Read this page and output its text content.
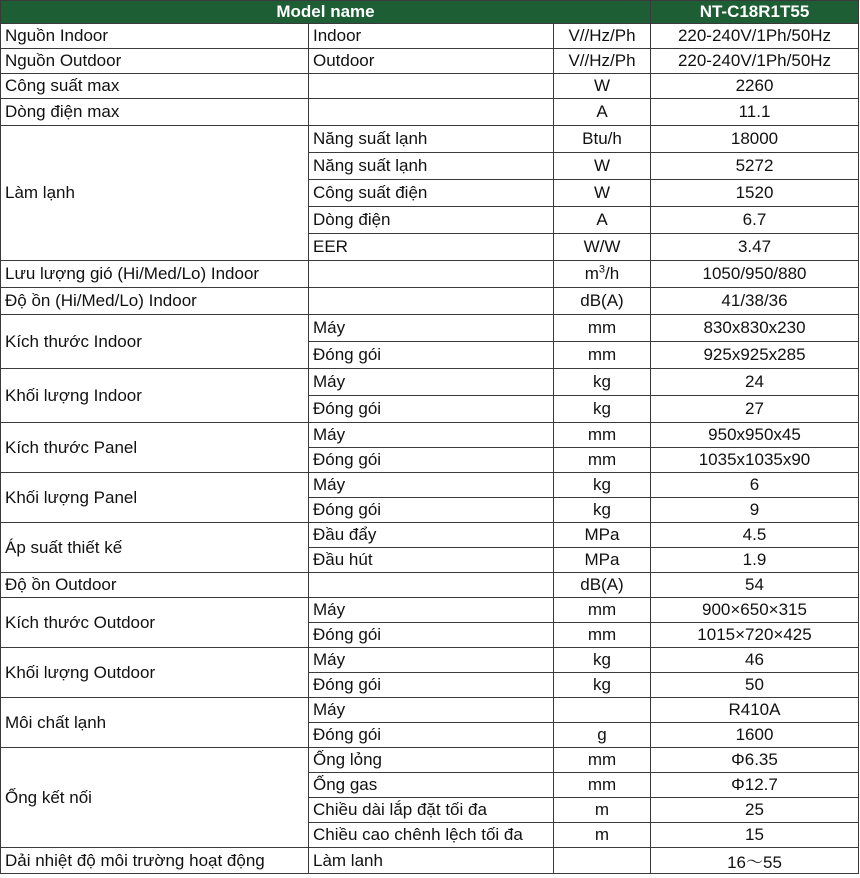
Model name			NT-C18R1T55
Nguồn Indoor	Indoor	V//Hz/Ph	220-240V/1Ph/50Hz
Nguồn Outdoor	Outdoor	V//Hz/Ph	220-240V/1Ph/50Hz
Công suất max		W	2260
Dòng điện max		A	11.1
Làm lạnh	Năng suất lạnh	Btu/h	18000
	Năng suất lạnh	W	5272
	Công suất điện	W	1520
	Dòng điện	A	6.7
	EER	W/W	3.47
Lưu lượng gió (Hi/Med/Lo) Indoor		$m^3/h$	1050/950/880
Độ ồn (Hi/Med/Lo) Indoor		dB(A)	41/38/36
Kích thước Indoor	Máy	mm	830x830x230
	Đóng gói	mm	925x925x285
Khối lượng Indoor	Máy	kg	24
	Đóng gói	kg	27
Kích thước Panel	Máy	mm	950x950x45
	Đóng gói	mm	1035x1035x90
Khối lượng Panel	Máy	kg	6
	Đóng gói	kg	9
Áp suất thiết kế	Đầu đẩy	MPa	4.5
	Đầu hút	MPa	1.9
Độ ồn Outdoor		dB(A)	54
Kích thước Outdoor	Máy	mm	900×650×315
	Đóng gói	mm	1015×720×425
Khối lượng Outdoor	Máy	kg	46
	Đóng gói	kg	50
Môi chất lạnh	Máy		R410A
	Đóng gói	g	1600
Ống kết nối	Ống lỏng	mm	Φ6.35
	Ống gas	mm	Φ12.7
	Chiều dài lắp đặt tối đa	m	25
	Chiều cao chênh lệch tối đa	m	15
Dải nhiệt độ môi trường hoạt động	Làm lanh		16～55
